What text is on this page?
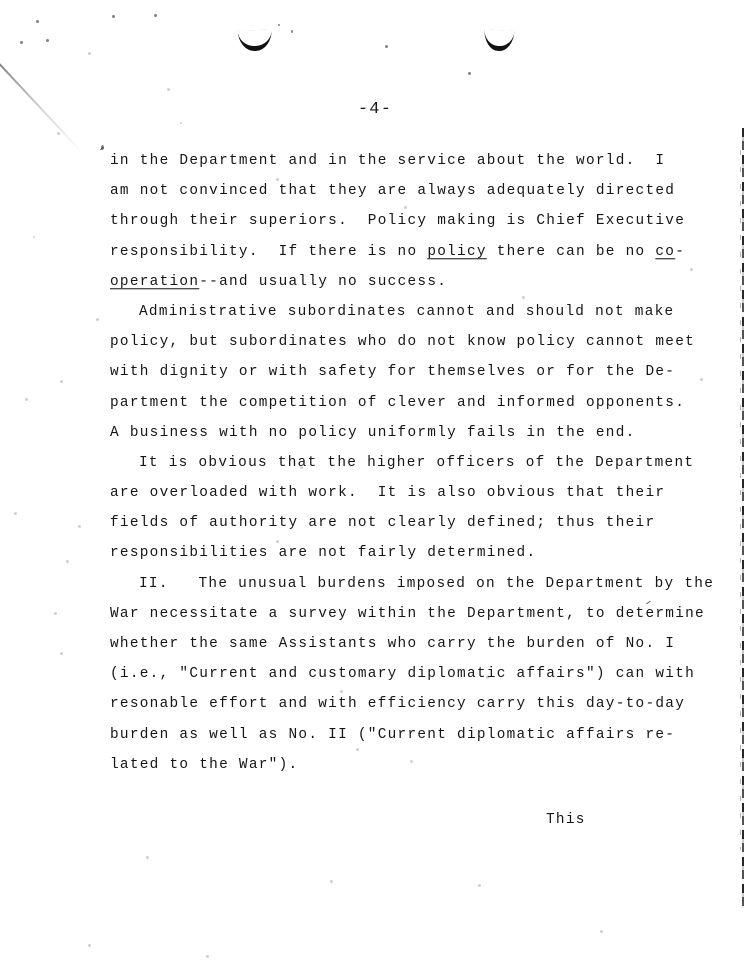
-4-
in the Department and in the service about the world.  I
am not convinced that they are always adequately directed
through their superiors.  Policy making is Chief Executive
responsibility.  If there is no policy there can be no co-
operation--and usually no success.
Administrative subordinates cannot and should not make
policy, but subordinates who do not know policy cannot meet
with dignity or with safety for themselves or for the De-
partment the competition of clever and informed opponents.
A business with no policy uniformly fails in the end.
It is obvious that the higher officers of the Department
are overloaded with work.  It is also obvious that their
fields of authority are not clearly defined; thus their
responsibilities are not fairly determined.
II.   The unusual burdens imposed on the Department by the
War necessitate a survey within the Department, to determine
whether the same Assistants who carry the burden of No. I
(i.e., "Current and customary diplomatic affairs") can with
resonable effort and with efficiency carry this day-to-day
burden as well as No. II ("Current diplomatic affairs re-
lated to the War").
This
